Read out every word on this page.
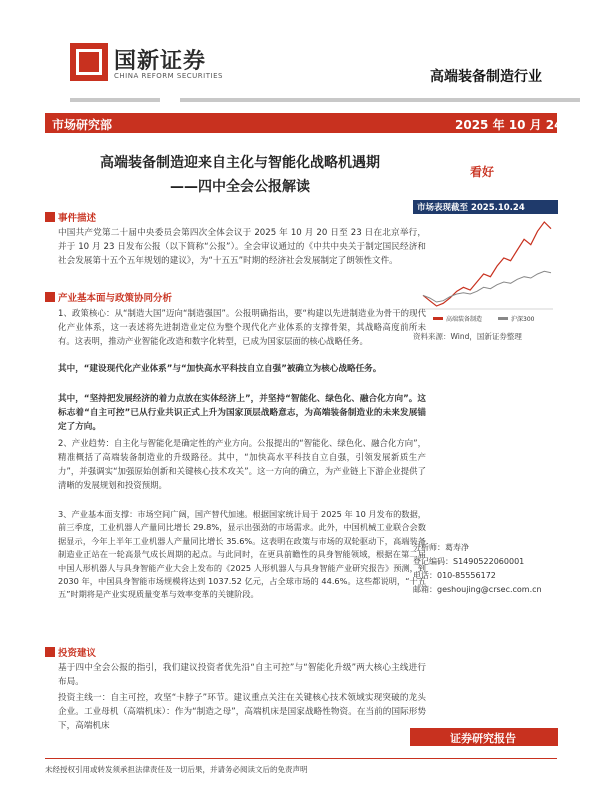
国新证券
CHINA REFORM SECURITIES	高端装备制造行业
市场研究部	2025 年 10 月 24 日
高端装备制造迎来自主化与智能化战略机遇期
——四中全会公报解读
看好
市场表现截至 2025.10.24
高端装备制造	沪深300
资料来源：Wind，国新证券整理
事件描述
中国共产党第二十届中央委员会第四次全体会议于 2025 年 10 月 20 日至 23 日在北京举行，并于 10 月 23 日发布公报（以下简称“公报”）。全会审议通过的《中共中央关于制定国民经济和社会发展第十五个五年规划的建议》，为“十五五”时期的经济社会发展制定了朗领性文件。
产业基本面与政策协同分析
1、政策核心：从“制造大国”迈向“制造强国”。公报明确指出，要“构建以先进制造业为骨干的现代化产业体系，这一表述将先进制造业定位为整个现代化产业体系的支撑骨架，其战略高度前所未有。这表明，推动产业智能化改造和数字化转型，已成为国家层面的核心战略任务。
其中，“建设现代化产业体系”与“加快高水平科技自立自强”被确立为核心战略任务。
其中，“坚持把发展经济的着力点放在实体经济上”，并坚持“智能化、绿色化、融合化方向”。这标志着“自主可控”已从行业共识正式上升为国家顶层战略意志，为高端装备制造业的未来发展锚定了方向。
2、产业趋势：自主化与智能化是确定性的产业方向。公报提出的“智能化、绿色化、融合化方向”，精准概括了高端装备制造业的升级路径。其中，“加快高水平科技自立自强，引领发展新质生产力”，并强调实“加强原始创新和关键核心技术攻关”。这一方向的确立，为产业链上下游企业提供了清晰的发展规划和投资预期。
3、产业基本面支撑：市场空间广阔，国产替代加速。根据国家统计局于 2025 年 10 月发布的数据，前三季度，工业机器人产量同比增长 29.8%，显示出强劲的市场需求。此外，中国机械工业联合会数据显示，今年上半年工业机器人产量同比增长 35.6%。这表明在政策与市场的双轮驱动下，高端装备制造业正站在一轮高景气成长周期的起点。与此同时，在更具前瞻性的具身智能领域，根据在第二届中国人形机器人与具身智能产业大会上发布的《2025 人形机器人与具身智能产业研究报告》预测，到 2030 年，中国具身智能市场规模将达到 1037.52 亿元，占全球市场的 44.6%。这些都说明，“十五五”时期将是产业实现质量变革与效率变革的关键阶段。
投资建议
基于四中全会公报的指引，我们建议投资者优先沿“自主可控”与“智能化升级”两大核心主线进行布局。
投资主线一：自主可控，攻坚“卡脖子”环节。建议重点关注在关键核心技术领域实现突破的龙头企业。工业母机（高端机床）：作为“制造之母”，高端机床是国家战略性物资。在当前的国际形势下，高端机床
分析师：葛寿净
登记编码：S1490522060001
电话：010-85556172
邮箱：geshoujing@crsec.com.cn
证券研究报告
未经授权引用或转发须承担法律责任及一切后果，并请务必阅读文后的免责声明
